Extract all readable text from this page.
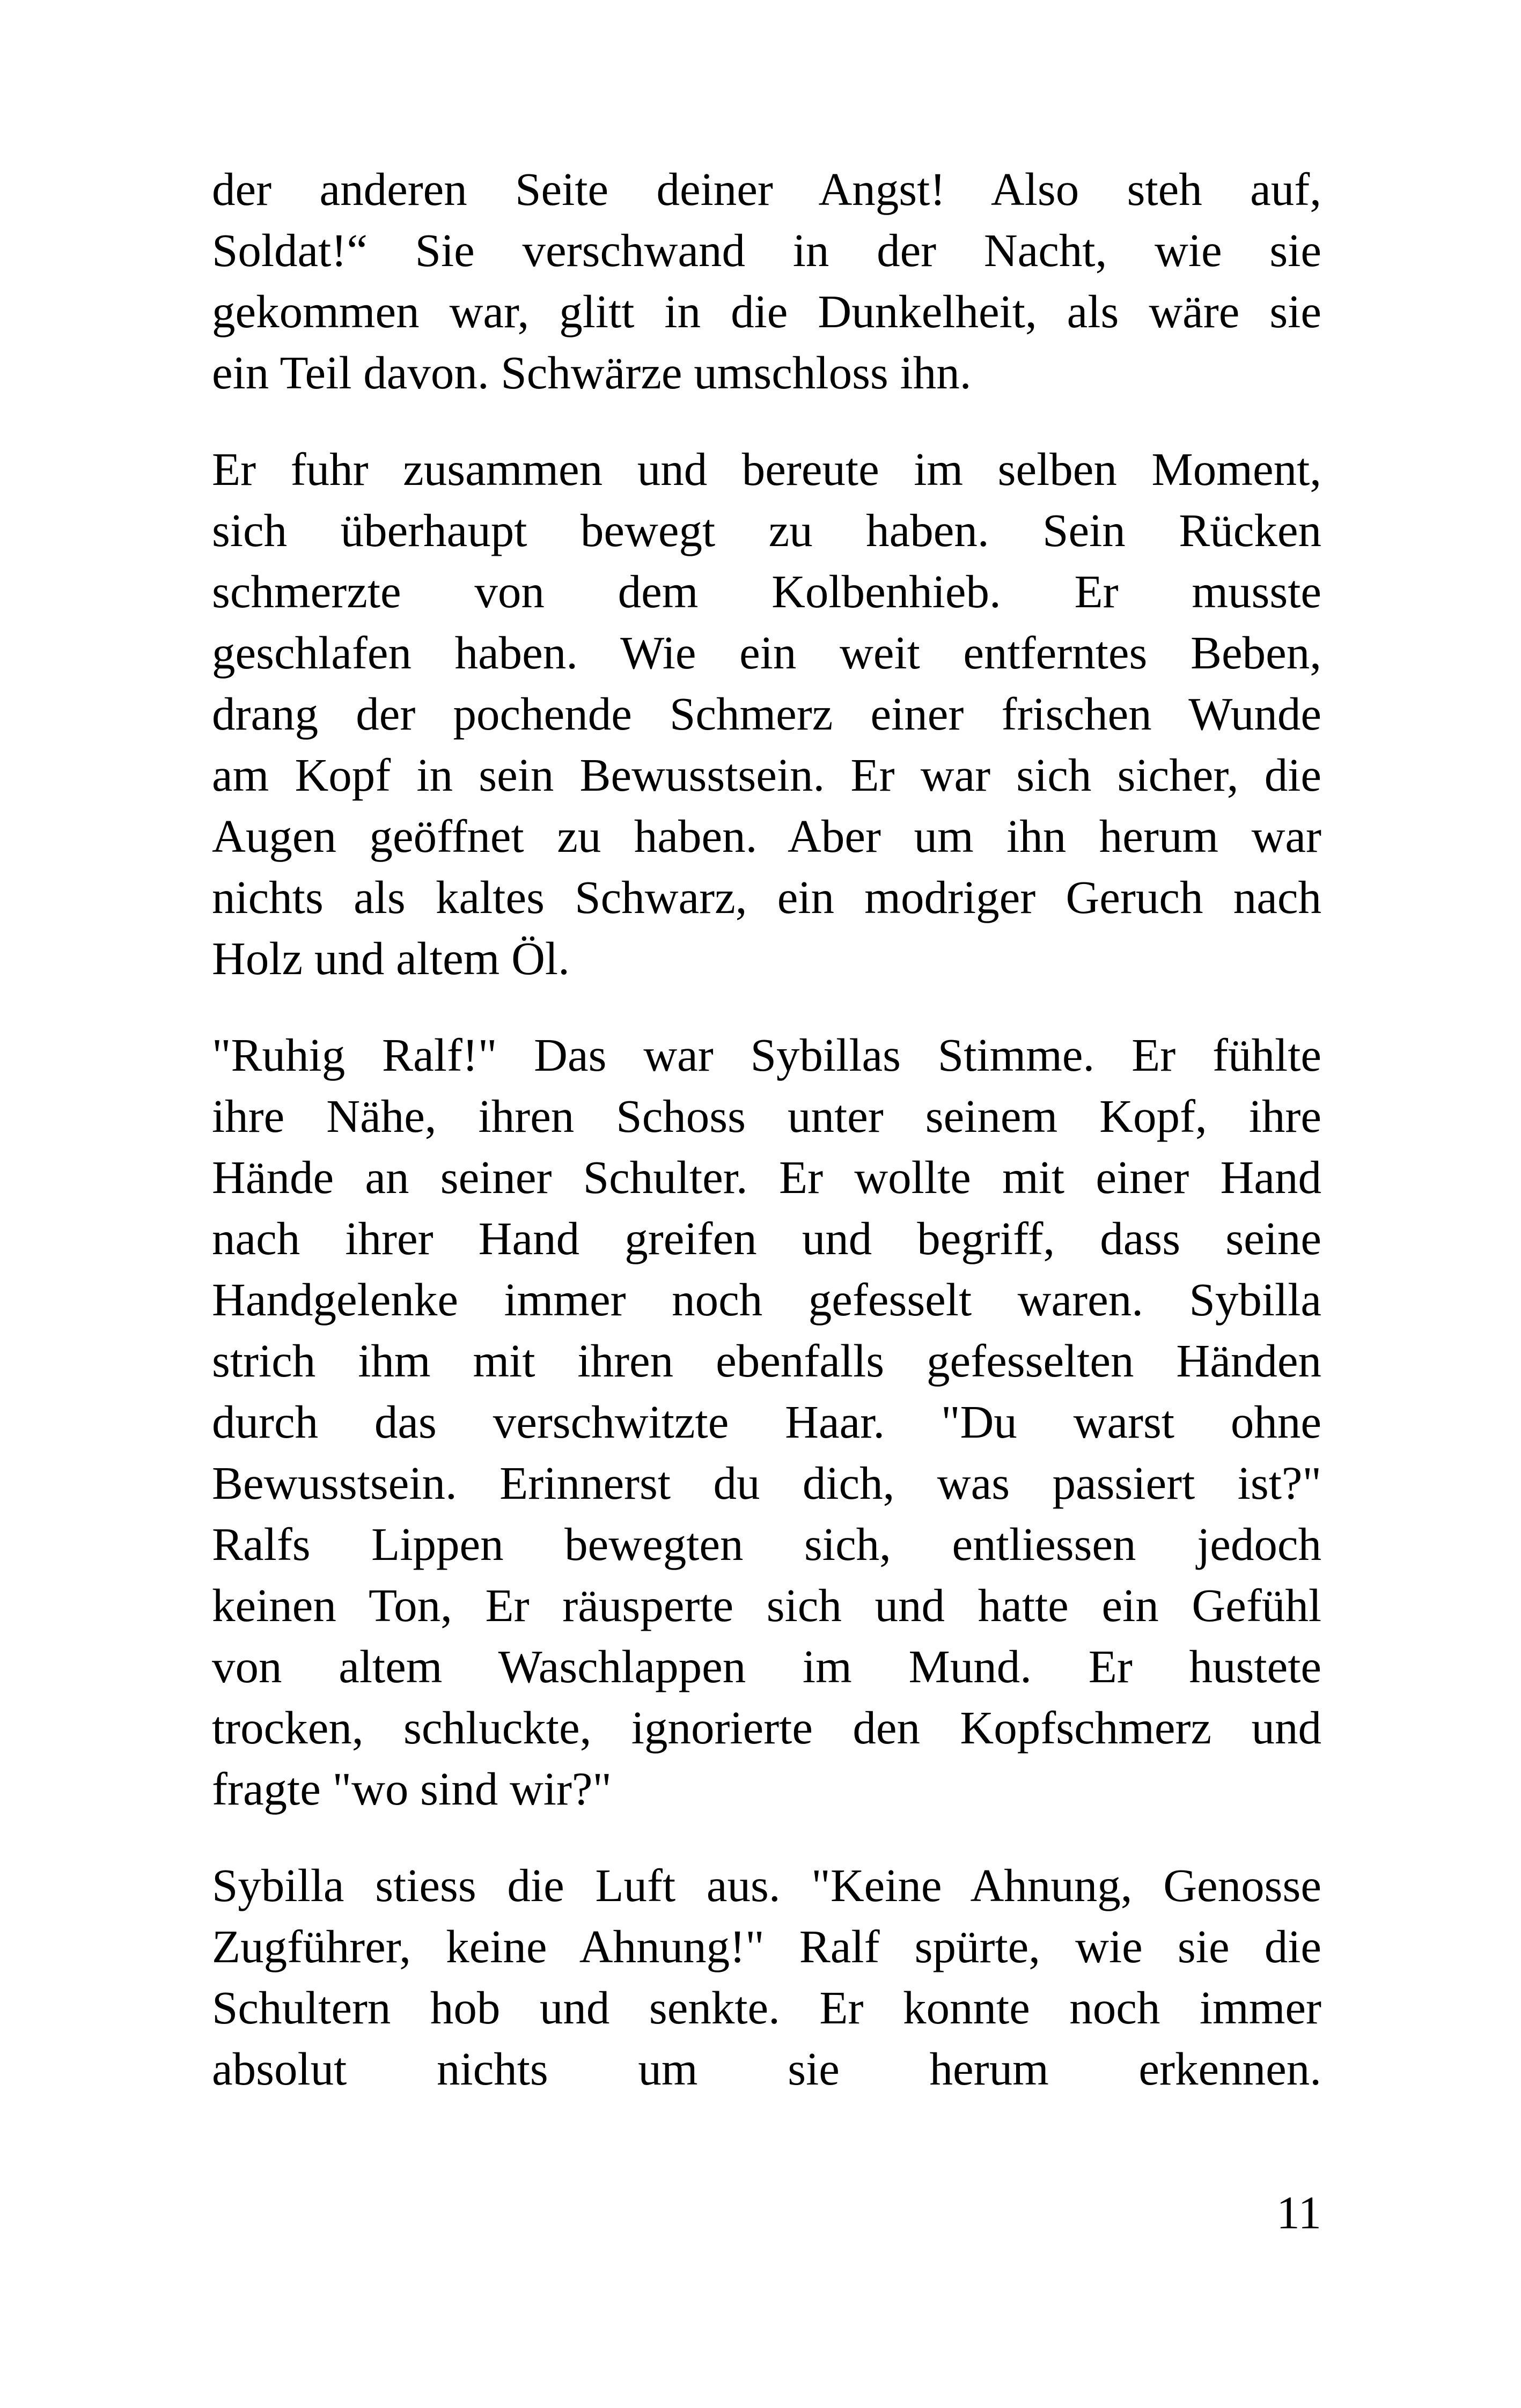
der anderen Seite deiner Angst! Also steh auf,
Soldat!“ Sie verschwand in der Nacht, wie sie
gekommen war, glitt in die Dunkelheit, als wäre sie
ein Teil davon. Schwärze umschloss ihn.

Er fuhr zusammen und bereute im selben Moment,
sich überhaupt bewegt zu haben. Sein Rücken
schmerzte von dem Kolbenhieb. Er musste
geschlafen haben. Wie ein weit entferntes Beben,
drang der pochende Schmerz einer frischen Wunde
am Kopf in sein Bewusstsein. Er war sich sicher, die
Augen geöffnet zu haben. Aber um ihn herum war
nichts als kaltes Schwarz, ein modriger Geruch nach
Holz und altem Öl.

"Ruhig Ralf!" Das war Sybillas Stimme. Er fühlte
ihre Nähe, ihren Schoss unter seinem Kopf, ihre
Hände an seiner Schulter. Er wollte mit einer Hand
nach ihrer Hand greifen und begriff, dass seine
Handgelenke immer noch gefesselt waren. Sybilla
strich ihm mit ihren ebenfalls gefesselten Händen
durch das verschwitzte Haar. "Du warst ohne
Bewusstsein. Erinnerst du dich, was passiert ist?"
Ralfs Lippen bewegten sich, entliessen jedoch
keinen Ton, Er räusperte sich und hatte ein Gefühl
von altem Waschlappen im Mund. Er hustete
trocken, schluckte, ignorierte den Kopfschmerz und
fragte "wo sind wir?"

Sybilla stiess die Luft aus. "Keine Ahnung, Genosse
Zugführer, keine Ahnung!" Ralf spürte, wie sie die
Schultern hob und senkte. Er konnte noch immer
absolut nichts um sie herum erkennen.

11
